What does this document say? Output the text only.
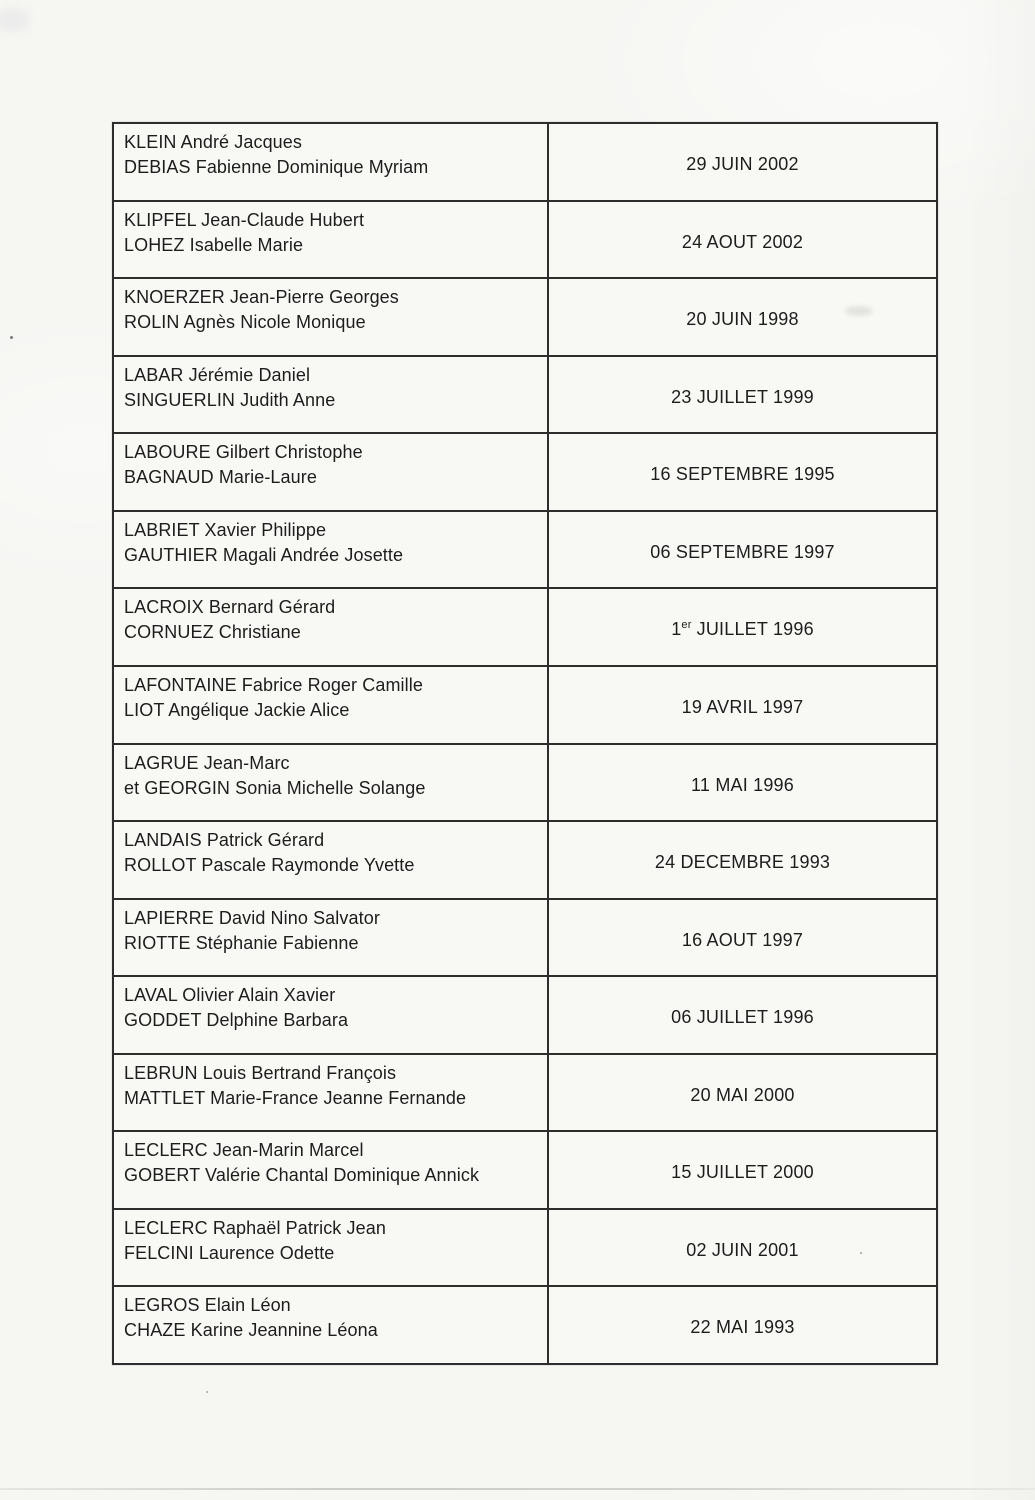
KLEIN André Jacques
DEBIAS Fabienne Dominique Myriam	29 JUIN 2002
KLIPFEL Jean-Claude Hubert
LOHEZ Isabelle Marie	24 AOUT 2002
KNOERZER Jean-Pierre Georges
ROLIN Agnès Nicole Monique	20 JUIN 1998
LABAR Jérémie Daniel
SINGUERLIN Judith Anne	23 JUILLET 1999
LABOURE Gilbert Christophe
BAGNAUD Marie-Laure	16 SEPTEMBRE 1995
LABRIET Xavier Philippe
GAUTHIER Magali Andrée Josette	06 SEPTEMBRE 1997
LACROIX Bernard Gérard
CORNUEZ Christiane	1er JUILLET 1996
LAFONTAINE Fabrice Roger Camille
LIOT Angélique Jackie Alice	19 AVRIL 1997
LAGRUE Jean-Marc
et GEORGIN Sonia Michelle Solange	11 MAI 1996
LANDAIS Patrick Gérard
ROLLOT Pascale Raymonde Yvette	24 DECEMBRE 1993
LAPIERRE David Nino Salvator
RIOTTE Stéphanie Fabienne	16 AOUT 1997
LAVAL Olivier Alain Xavier
GODDET Delphine Barbara	06 JUILLET 1996
LEBRUN Louis Bertrand François
MATTLET Marie-France Jeanne Fernande	20 MAI 2000
LECLERC Jean-Marin Marcel
GOBERT Valérie Chantal Dominique Annick	15 JUILLET 2000
LECLERC Raphaël Patrick Jean
FELCINI Laurence Odette	02 JUIN 2001
LEGROS Elain Léon
CHAZE Karine Jeannine Léona	22 MAI 1993
